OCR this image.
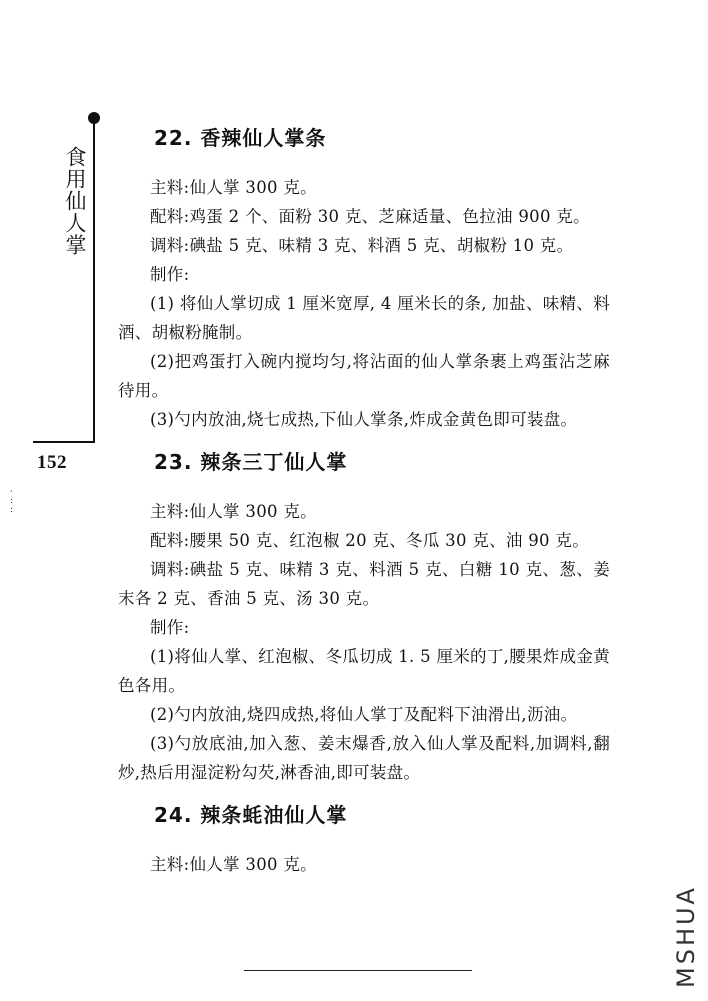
食用仙人掌
152
·
:
:
22. 香辣仙人掌条

主料:仙人掌 300 克。

配料:鸡蛋 2 个、面粉 30 克、芝麻适量、色拉油 900 克。

调料:碘盐 5 克、味精 3 克、料酒 5 克、胡椒粉 10 克。

制作:

(1) 将仙人掌切成 1 厘米宽厚, 4 厘米长的条, 加盐、味精、料酒、胡椒粉腌制。

(2)把鸡蛋打入碗内搅均匀,将沾面的仙人掌条裹上鸡蛋沾芝麻待用。

(3)勺内放油,烧七成热,下仙人掌条,炸成金黄色即可装盘。

23. 辣条三丁仙人掌

主料:仙人掌 300 克。

配料:腰果 50 克、红泡椒 20 克、冬瓜 30 克、油 90 克。

调料:碘盐 5 克、味精 3 克、料酒 5 克、白糖 10 克、葱、姜末各 2 克、香油 5 克、汤 30 克。

制作:

(1)将仙人掌、红泡椒、冬瓜切成 1. 5 厘米的丁,腰果炸成金黄色各用。

(2)勺内放油,烧四成热,将仙人掌丁及配料下油滑出,沥油。

(3)勺放底油,加入葱、姜末爆香,放入仙人掌及配料,加调料,翻炒,热后用湿淀粉勾芡,淋香油,即可装盘。

24. 辣条蚝油仙人掌

主料:仙人掌 300 克。

MSHUA
